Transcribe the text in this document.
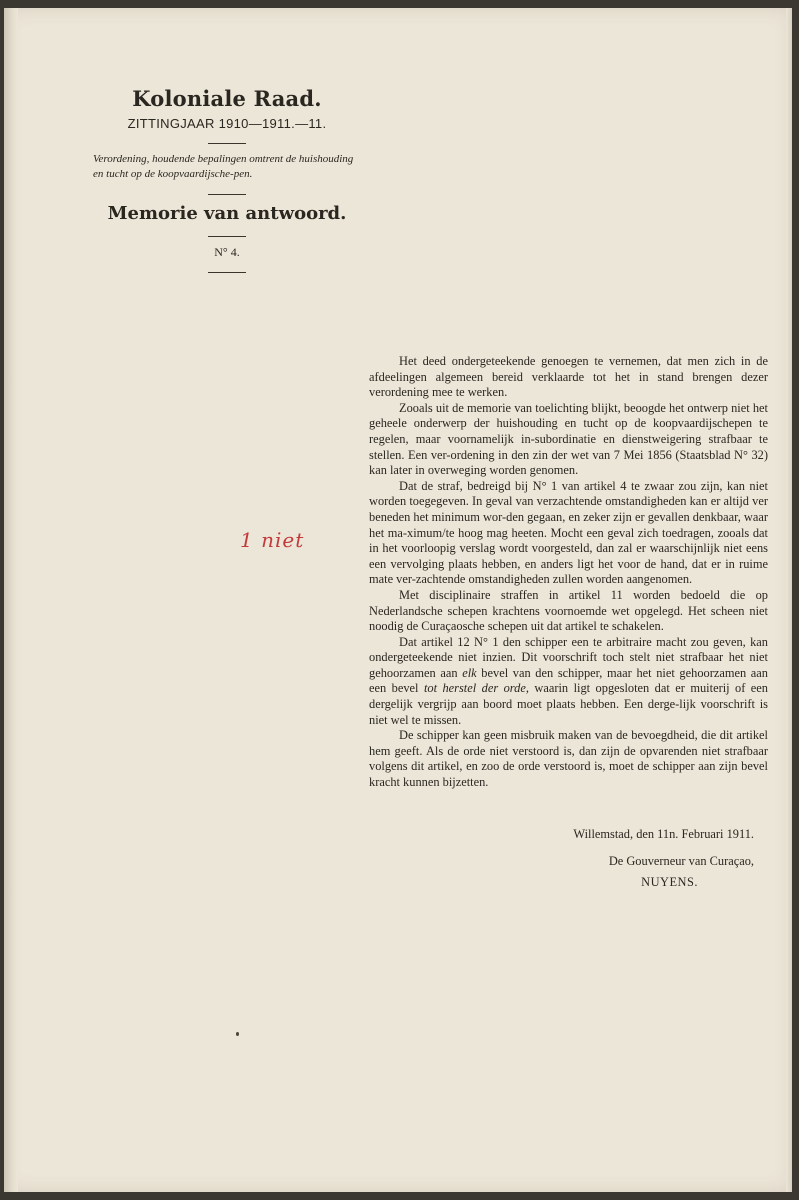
Koloniale Raad.
ZITTINGJAAR 1910—1911.—11.
Verordening, houdende bepalingen omtrent de huishouding en tucht op de koopvaardijsche-pen.
Memorie van antwoord.
N° 4.
1 niet

Het deed ondergeteekende genoegen te vernemen, dat men zich in de afdeelingen algemeen bereid verklaarde tot het in stand brengen dezer verordening mee te werken.

Zooals uit de memorie van toelichting blijkt, beoogde het ontwerp niet het geheele onderwerp der huishouding en tucht op de koopvaardijschepen te regelen, maar voornamelijk in-subordinatie en dienstweigering strafbaar te stellen. Een ver-ordening in den zin der wet van 7 Mei 1856 (Staatsblad N° 32) kan later in overweging worden genomen.

Dat de straf, bedreigd bij N° 1 van artikel 4 te zwaar zou zijn, kan niet worden toegegeven. In geval van verzachtende omstandigheden kan er altijd ver beneden het minimum wor-den gegaan, en zeker zijn er gevallen denkbaar, waar het ma-ximum/te hoog mag heeten. Mocht een geval zich toedragen, zooals dat in het voorloopig verslag wordt voorgesteld, dan zal er waarschijnlijk niet eens een vervolging plaats hebben, en anders ligt het voor de hand, dat er in ruime mate ver-zachtende omstandigheden zullen worden aangenomen.

Met disciplinaire straffen in artikel 11 worden bedoeld die op Nederlandsche schepen krachtens voornoemde wet opgelegd. Het scheen niet noodig de Curaçaosche schepen uit dat artikel te schakelen.

Dat artikel 12 N° 1 den schipper een te arbitraire macht zou geven, kan ondergeteekende niet inzien. Dit voorschrift toch stelt niet strafbaar het niet gehoorzamen aan elk bevel van den schipper, maar het niet gehoorzamen aan een bevel tot herstel der orde, waarin ligt opgesloten dat er muiterij of een dergelijk vergrijp aan boord moet plaats hebben. Een derge-lijk voorschrift is niet wel te missen.

De schipper kan geen misbruik maken van de bevoegdheid, die dit artikel hem geeft. Als de orde niet verstoord is, dan zijn de opvarenden niet strafbaar volgens dit artikel, en zoo de orde verstoord is, moet de schipper aan zijn bevel kracht kunnen bijzetten.

Willemstad, den 11n. Februari 1911.
De Gouverneur van Curaçao,
NUYENS.
